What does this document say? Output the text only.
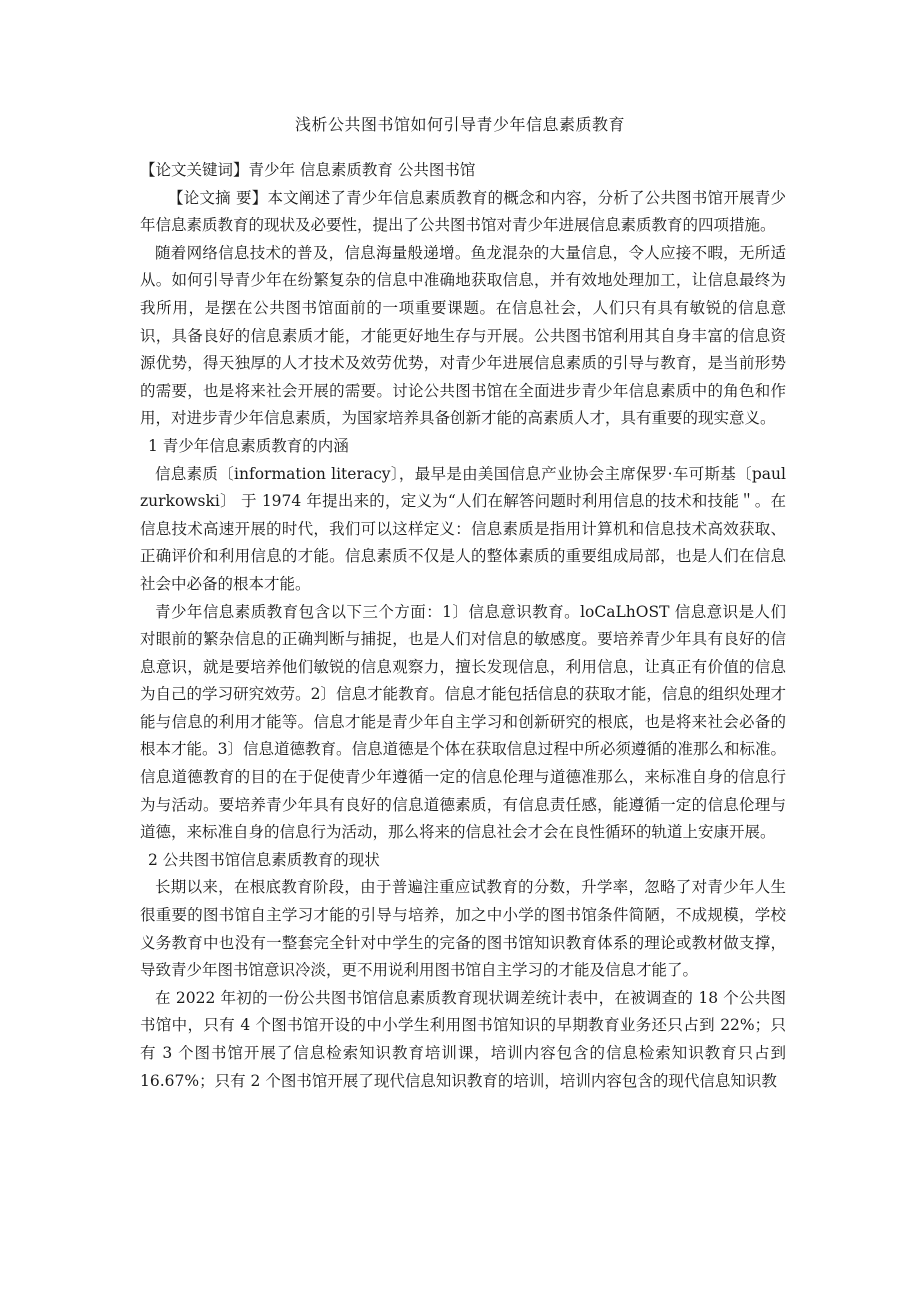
浅析公共图书馆如何引导青少年信息素质教育

【论文关键词】青少年 信息素质教育 公共图书馆

【论文摘 要】本文阐述了青少年信息素质教育的概念和内容，分析了公共图书馆开展青少年信息素质教育的现状及必要性，提出了公共图书馆对青少年进展信息素质教育的四项措施。

随着网络信息技术的普及，信息海量般递增。鱼龙混杂的大量信息，令人应接不暇，无所适从。如何引导青少年在纷繁复杂的信息中准确地获取信息，并有效地处理加工，让信息最终为我所用，是摆在公共图书馆面前的一项重要课题。在信息社会，人们只有具有敏锐的信息意识，具备良好的信息素质才能，才能更好地生存与开展。公共图书馆利用其自身丰富的信息资源优势，得天独厚的人才技术及效劳优势，对青少年进展信息素质的引导与教育，是当前形势的需要，也是将来社会开展的需要。讨论公共图书馆在全面进步青少年信息素质中的角色和作用，对进步青少年信息素质，为国家培养具备创新才能的高素质人才，具有重要的现实意义。

1 青少年信息素质教育的内涵

信息素质〔information literacy〕，最早是由美国信息产业协会主席保罗·车可斯基〔paul zurkowski〕 于 1974 年提出来的，定义为“人们在解答问题时利用信息的技术和技能＂。在信息技术高速开展的时代，我们可以这样定义：信息素质是指用计算机和信息技术高效获取、正确评价和利用信息的才能。信息素质不仅是人的整体素质的重要组成局部，也是人们在信息社会中必备的根本才能。

青少年信息素质教育包含以下三个方面：1〕信息意识教育。loCaLhOST 信息意识是人们对眼前的繁杂信息的正确判断与捕捉，也是人们对信息的敏感度。要培养青少年具有良好的信息意识，就是要培养他们敏锐的信息观察力，擅长发现信息，利用信息，让真正有价值的信息为自己的学习研究效劳。2〕信息才能教育。信息才能包括信息的获取才能，信息的组织处理才能与信息的利用才能等。信息才能是青少年自主学习和创新研究的根底，也是将来社会必备的根本才能。3〕信息道德教育。信息道德是个体在获取信息过程中所必须遵循的准那么和标准。信息道德教育的目的在于促使青少年遵循一定的信息伦理与道德准那么，来标准自身的信息行为与活动。要培养青少年具有良好的信息道德素质，有信息责任感，能遵循一定的信息伦理与道德，来标准自身的信息行为活动，那么将来的信息社会才会在良性循环的轨道上安康开展。

2 公共图书馆信息素质教育的现状

长期以来，在根底教育阶段，由于普遍注重应试教育的分数，升学率，忽略了对青少年人生很重要的图书馆自主学习才能的引导与培养，加之中小学的图书馆条件简陋，不成规模，学校义务教育中也没有一整套完全针对中学生的完备的图书馆知识教育体系的理论或教材做支撑，导致青少年图书馆意识冷淡，更不用说利用图书馆自主学习的才能及信息才能了。

在 2022 年初的一份公共图书馆信息素质教育现状调差统计表中，在被调查的 18 个公共图书馆中，只有 4 个图书馆开设的中小学生利用图书馆知识的早期教育业务还只占到 22%；只有 3 个图书馆开展了信息检索知识教育培训课，培训内容包含的信息检索知识教育只占到 16.67%；只有 2 个图书馆开展了现代信息知识教育的培训，培训内容包含的现代信息知识教
